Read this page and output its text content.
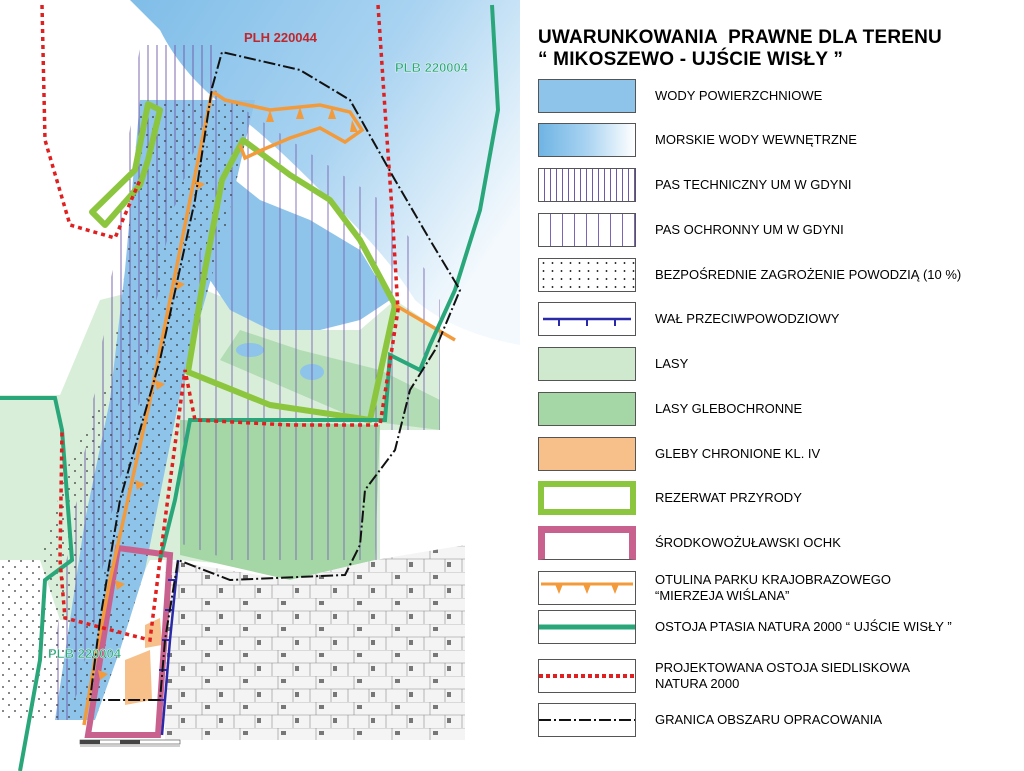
PLH 220044
PLB 220004
PLB 220004
UWARUNKOWANIA  PRAWNE DLA TERENU
“ MIKOSZEWO - UJŚCIE WISŁY ”
WODY POWIERZCHNIOWE
MORSKIE WODY WEWNĘTRZNE
PAS TECHNICZNY UM W GDYNI
PAS OCHRONNY UM W GDYNI
BEZPOŚREDNIE ZAGROŻENIE POWODZIĄ (10 %)
WAŁ PRZECIWPOWODZIOWY
LASY
LASY GLEBOCHRONNE
GLEBY CHRONIONE KL. IV
REZERWAT PRZYRODY
ŚRODKOWOŻUŁAWSKI OCHK
OTULINA PARKU KRAJOBRAZOWEGO
“MIERZEJA WIŚLANA”
OSTOJA PTASIA NATURA 2000 “ UJŚCIE WISŁY ”
PROJEKTOWANA OSTOJA SIEDLISKOWA
NATURA 2000
GRANICA OBSZARU OPRACOWANIA
